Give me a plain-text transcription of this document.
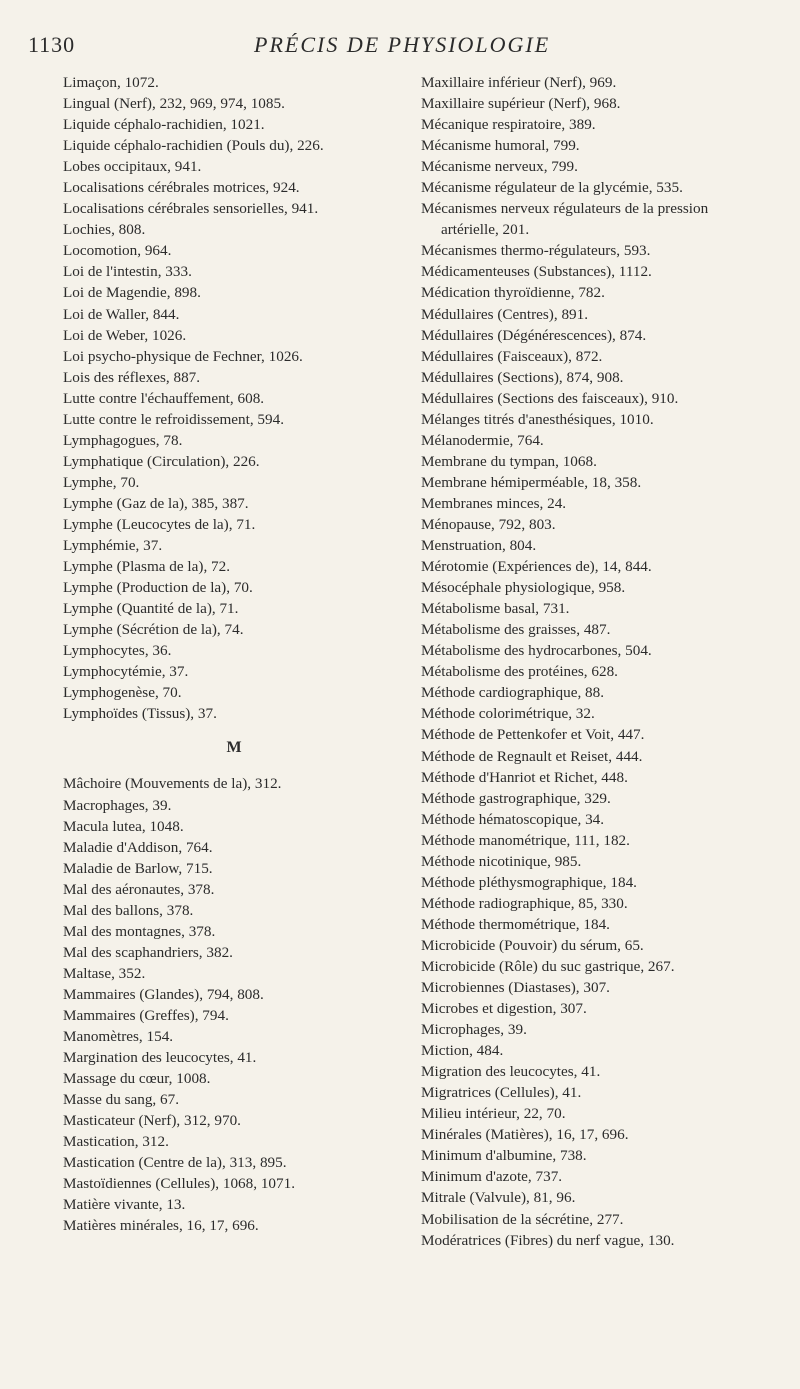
1130	PRÉCIS DE PHYSIOLOGIE

Limaçon, 1072.

Lingual (Nerf), 232, 969, 974, 1085.

Liquide céphalo-rachidien, 1021.

Liquide céphalo-rachidien (Pouls du), 226.

Lobes occipitaux, 941.

Localisations cérébrales motrices, 924.

Localisations cérébrales sensorielles, 941.

Lochies, 808.

Locomotion, 964.

Loi de l'intestin, 333.

Loi de Magendie, 898.

Loi de Waller, 844.

Loi de Weber, 1026.

Loi psycho-physique de Fechner, 1026.

Lois des réflexes, 887.

Lutte contre l'échauffement, 608.

Lutte contre le refroidissement, 594.

Lymphagogues, 78.

Lymphatique (Circulation), 226.

Lymphe, 70.

Lymphe (Gaz de la), 385, 387.

Lymphe (Leucocytes de la), 71.

Lymphémie, 37.

Lymphe (Plasma de la), 72.

Lymphe (Production de la), 70.

Lymphe (Quantité de la), 71.

Lymphe (Sécrétion de la), 74.

Lymphocytes, 36.

Lymphocytémie, 37.

Lymphogenèse, 70.

Lymphoïdes (Tissus), 37.

M

Mâchoire (Mouvements de la), 312.

Macrophages, 39.

Macula lutea, 1048.

Maladie d'Addison, 764.

Maladie de Barlow, 715.

Mal des aéronautes, 378.

Mal des ballons, 378.

Mal des montagnes, 378.

Mal des scaphandriers, 382.

Maltase, 352.

Mammaires (Glandes), 794, 808.

Mammaires (Greffes), 794.

Manomètres, 154.

Margination des leucocytes, 41.

Massage du cœur, 1008.

Masse du sang, 67.

Masticateur (Nerf), 312, 970.

Mastication, 312.

Mastication (Centre de la), 313, 895.

Mastoïdiennes (Cellules), 1068, 1071.

Matière vivante, 13.

Matières minérales, 16, 17, 696.

Maxillaire inférieur (Nerf), 969.

Maxillaire supérieur (Nerf), 968.

Mécanique respiratoire, 389.

Mécanisme humoral, 799.

Mécanisme nerveux, 799.

Mécanisme régulateur de la glycémie, 535.

Mécanismes nerveux régulateurs de la pression artérielle, 201.

Mécanismes thermo-régulateurs, 593.

Médicamenteuses (Substances), 1112.

Médication thyroïdienne, 782.

Médullaires (Centres), 891.

Médullaires (Dégénérescences), 874.

Médullaires (Faisceaux), 872.

Médullaires (Sections), 874, 908.

Médullaires (Sections des faisceaux), 910.

Mélanges titrés d'anesthésiques, 1010.

Mélanodermie, 764.

Membrane du tympan, 1068.

Membrane hémiperméable, 18, 358.

Membranes minces, 24.

Ménopause, 792, 803.

Menstruation, 804.

Mérotomie (Expériences de), 14, 844.

Mésocéphale physiologique, 958.

Métabolisme basal, 731.

Métabolisme des graisses, 487.

Métabolisme des hydrocarbones, 504.

Métabolisme des protéines, 628.

Méthode cardiographique, 88.

Méthode colorimétrique, 32.

Méthode de Pettenkofer et Voit, 447.

Méthode de Regnault et Reiset, 444.

Méthode d'Hanriot et Richet, 448.

Méthode gastrographique, 329.

Méthode hématoscopique, 34.

Méthode manométrique, 111, 182.

Méthode nicotinique, 985.

Méthode pléthysmographique, 184.

Méthode radiographique, 85, 330.

Méthode thermométrique, 184.

Microbicide (Pouvoir) du sérum, 65.

Microbicide (Rôle) du suc gastrique, 267.

Microbiennes (Diastases), 307.

Microbes et digestion, 307.

Microphages, 39.

Miction, 484.

Migration des leucocytes, 41.

Migratrices (Cellules), 41.

Milieu intérieur, 22, 70.

Minérales (Matières), 16, 17, 696.

Minimum d'albumine, 738.

Minimum d'azote, 737.

Mitrale (Valvule), 81, 96.

Mobilisation de la sécrétine, 277.

Modératrices (Fibres) du nerf vague, 130.
